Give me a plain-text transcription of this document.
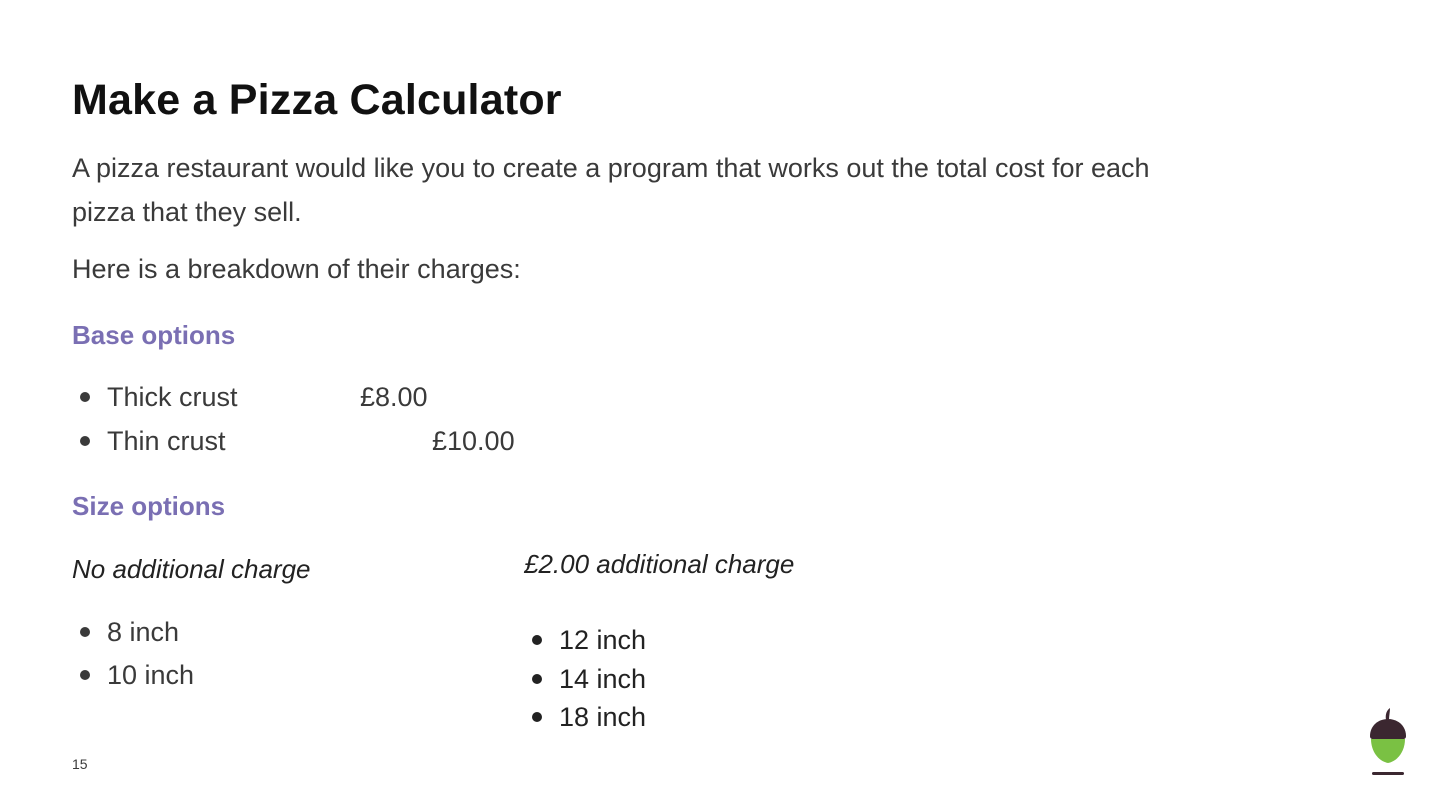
Make a Pizza Calculator
A pizza restaurant would like you to create a program that works out the total cost for each
pizza that they sell.
Here is a breakdown of their charges:
Base options
Thick crust	£8.00
Thin crust	£10.00
Size options
No additional charge
8 inch
10 inch
£2.00 additional charge
12 inch
14 inch
18 inch
15
